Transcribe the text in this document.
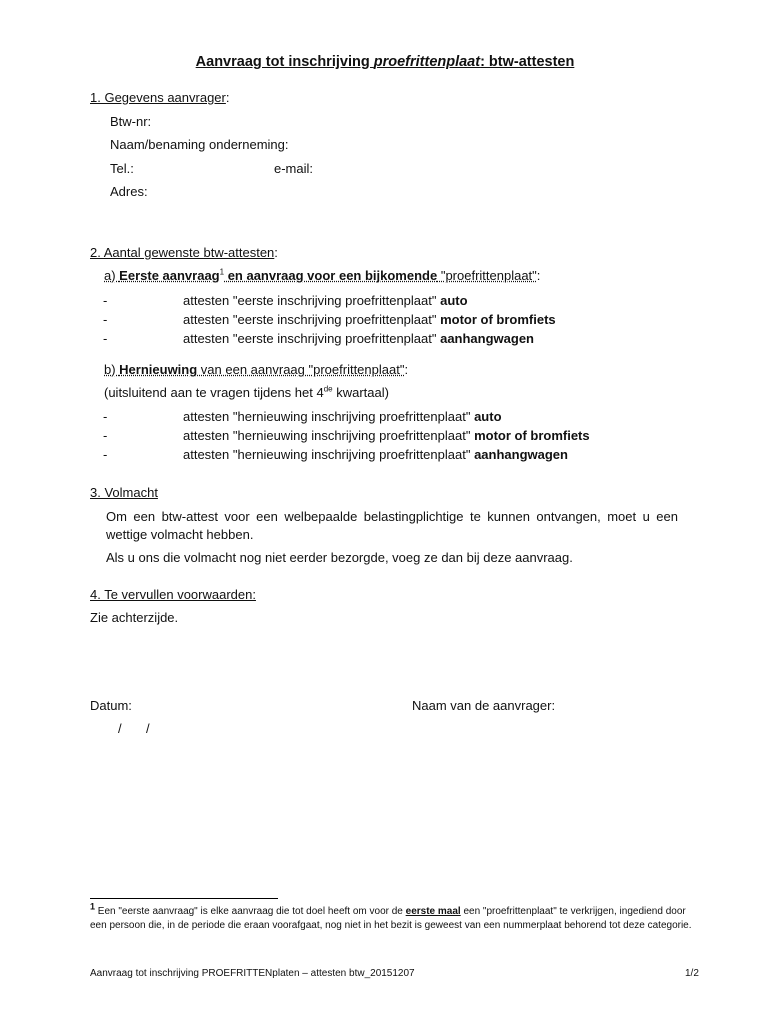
Aanvraag tot inschrijving proefrittenplaat: btw-attesten
1. Gegevens aanvrager:
Btw-nr:
Naam/benaming onderneming:
Tel.:	e-mail:
Adres:
2. Aantal gewenste btw-attesten:
a) Eerste aanvraag$^1$ en aanvraag voor een bijkomende "proefrittenplaat":
-	attesten "eerste inschrijving proefrittenplaat" auto
-	attesten "eerste inschrijving proefrittenplaat" motor of bromfiets
-	attesten "eerste inschrijving proefrittenplaat" aanhangwagen
b) Hernieuwing van een aanvraag "proefrittenplaat":
(uitsluitend aan te vragen tijdens het 4de kwartaal)
-	attesten "hernieuwing inschrijving proefrittenplaat" auto
-	attesten "hernieuwing inschrijving proefrittenplaat" motor of bromfiets
-	attesten "hernieuwing inschrijving proefrittenplaat" aanhangwagen
3. Volmacht
Om een btw-attest voor een welbepaalde belastingplichtige te kunnen ontvangen, moet u een wettige volmacht hebben.
Als u ons die volmacht nog niet eerder bezorgde, voeg ze dan bij deze aanvraag.
4. Te vervullen voorwaarden:
Zie achterzijde.
Datum:
/ /
Naam van de aanvrager:
$^1$ Een "eerste aanvraag" is elke aanvraag die tot doel heeft om voor de eerste maal een "proefrittenplaat" te verkrijgen, ingediend door een persoon die, in de periode die eraan voorafgaat, nog niet in het bezit is geweest van een nummerplaat behorend tot deze categorie.
Aanvraag tot inschrijving PROEFRITTENplaten – attesten btw_20151207	1/2
